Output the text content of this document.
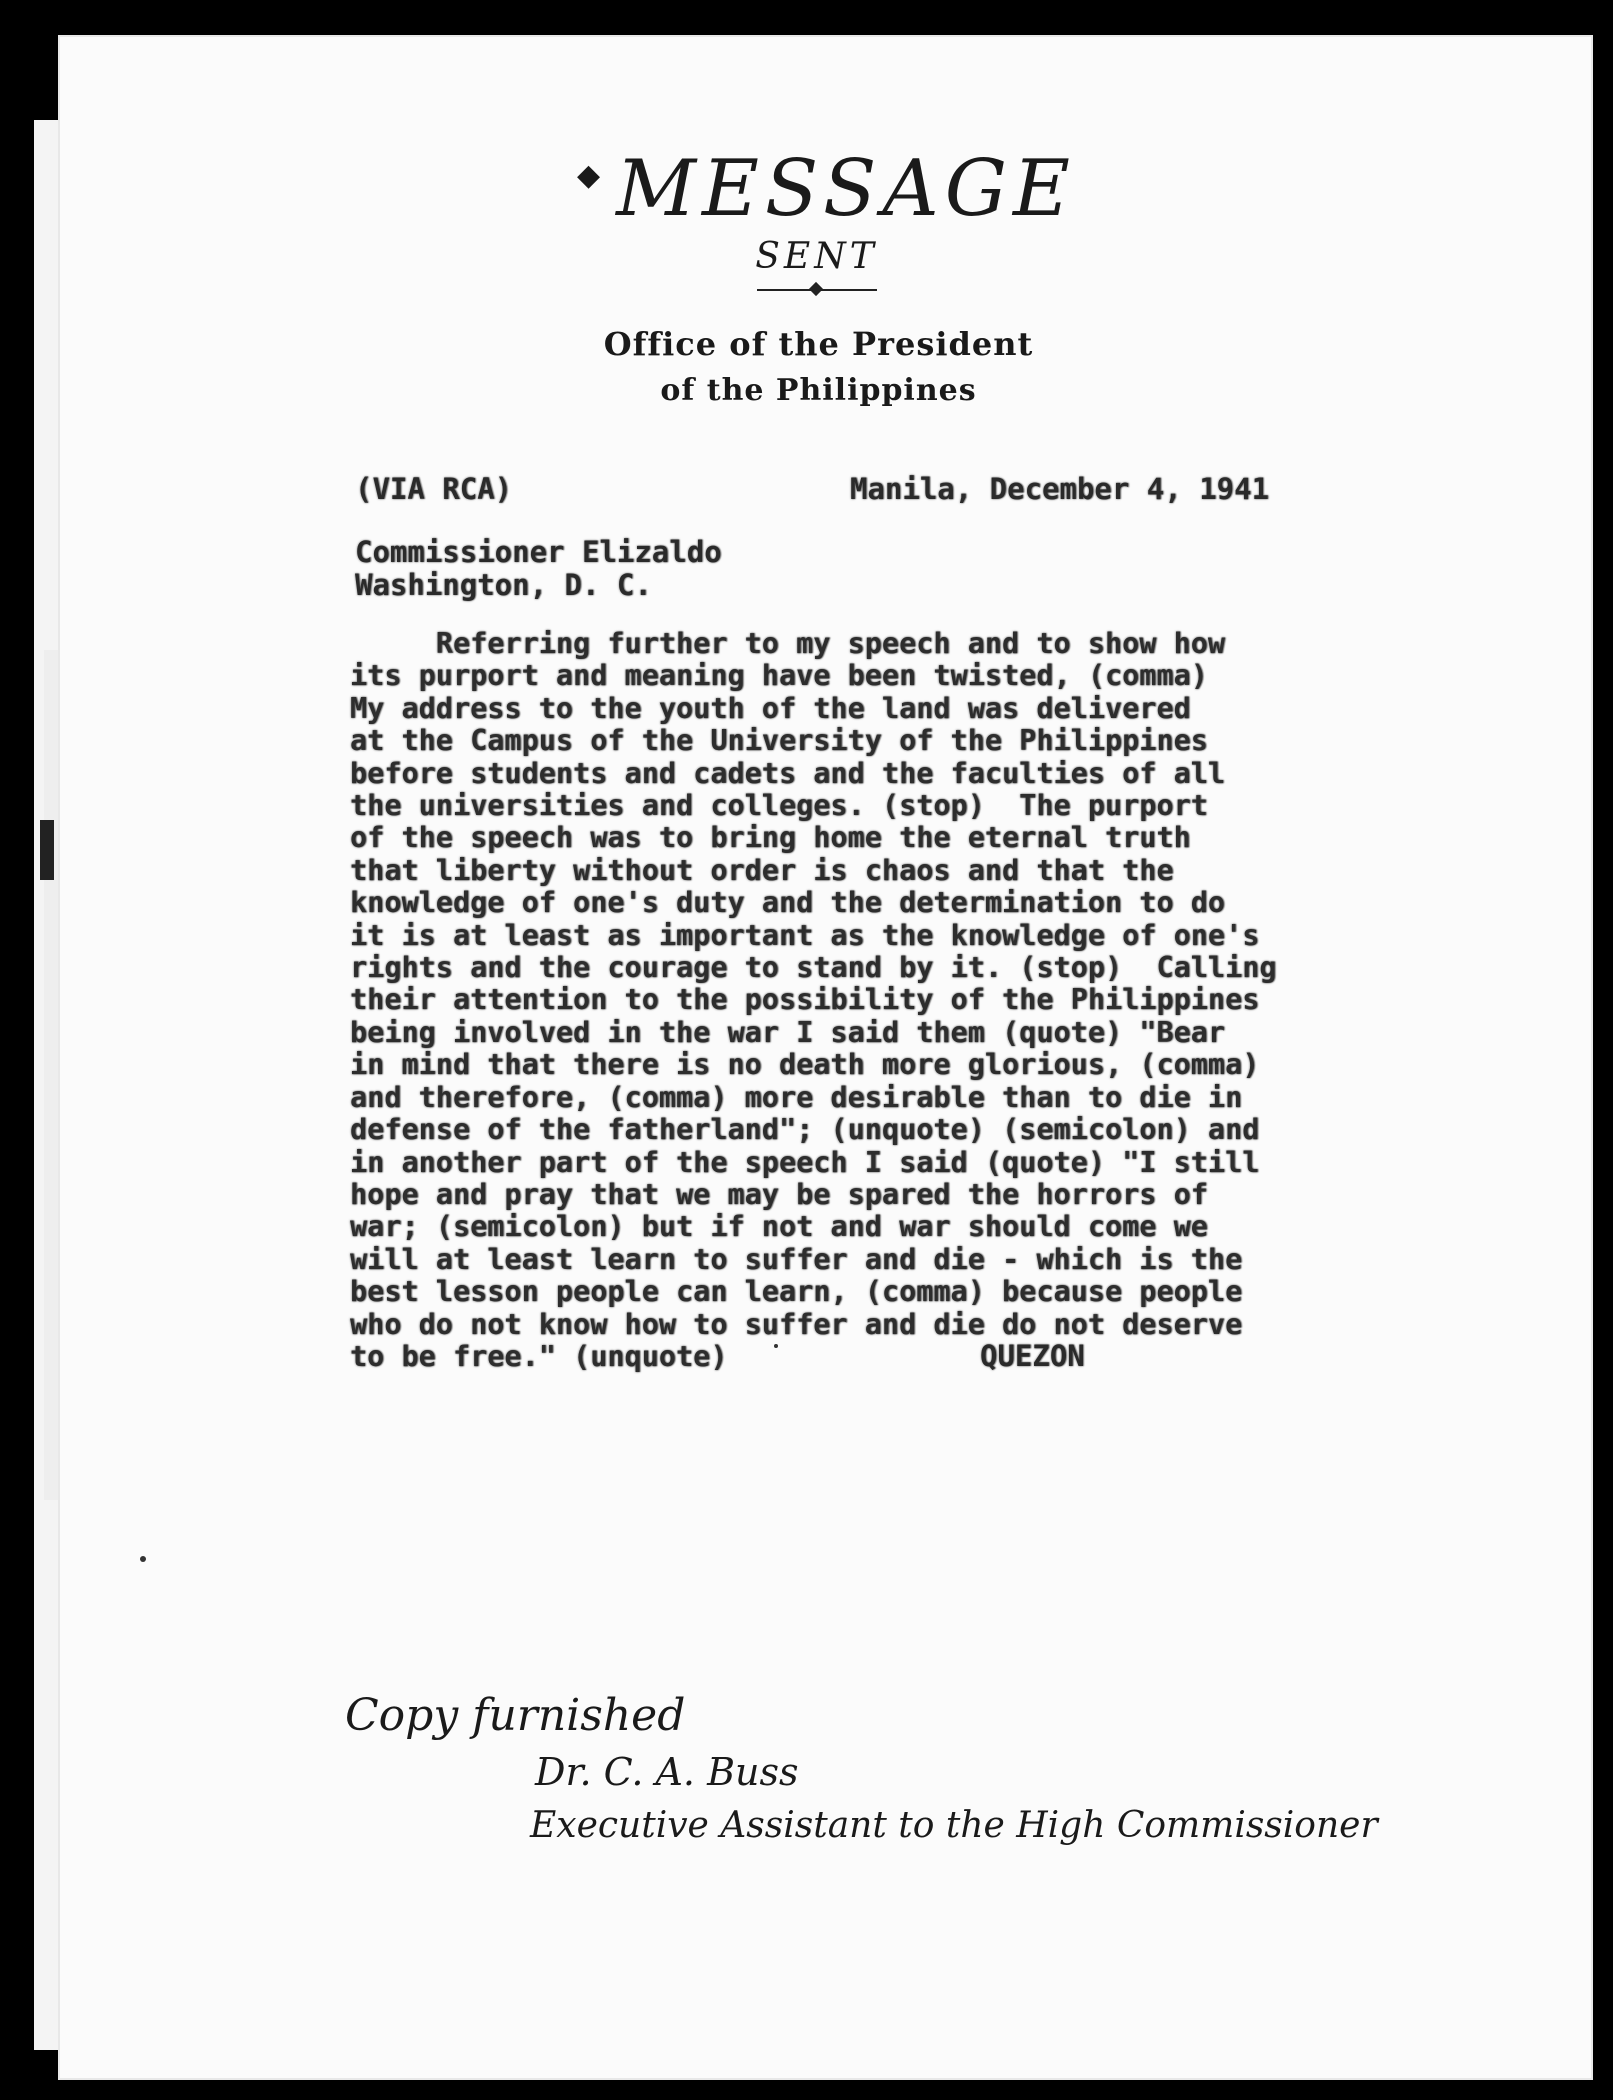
◆ MESSAGE
SENT
Office of the President
of the Philippines
(VIA RCA)	Manila, December 4, 1941
Commissioner Elizaldo
Washington, D. C.
Referring further to my speech and to show how
its purport and meaning have been twisted, (comma)
My address to the youth of the land was delivered
at the Campus of the University of the Philippines
before students and cadets and the faculties of all
the universities and colleges. (stop)  The purport
of the speech was to bring home the eternal truth
that liberty without order is chaos and that the
knowledge of one's duty and the determination to do
it is at least as important as the knowledge of one's
rights and the courage to stand by it. (stop)  Calling
their attention to the possibility of the Philippines
being involved in the war I said them (quote) "Bear
in mind that there is no death more glorious, (comma)
and therefore, (comma) more desirable than to die in
defense of the fatherland"; (unquote) (semicolon) and
in another part of the speech I said (quote) "I still
hope and pray that we may be spared the horrors of
war; (semicolon) but if not and war should come we
will at least learn to suffer and die - which is the
best lesson people can learn, (comma) because people
who do not know how to suffer and die do not deserve
to be free." (unquote)	QUEZON
Copy furnished
Dr. C. A. Buss
Executive Assistant to the High Commissioner
